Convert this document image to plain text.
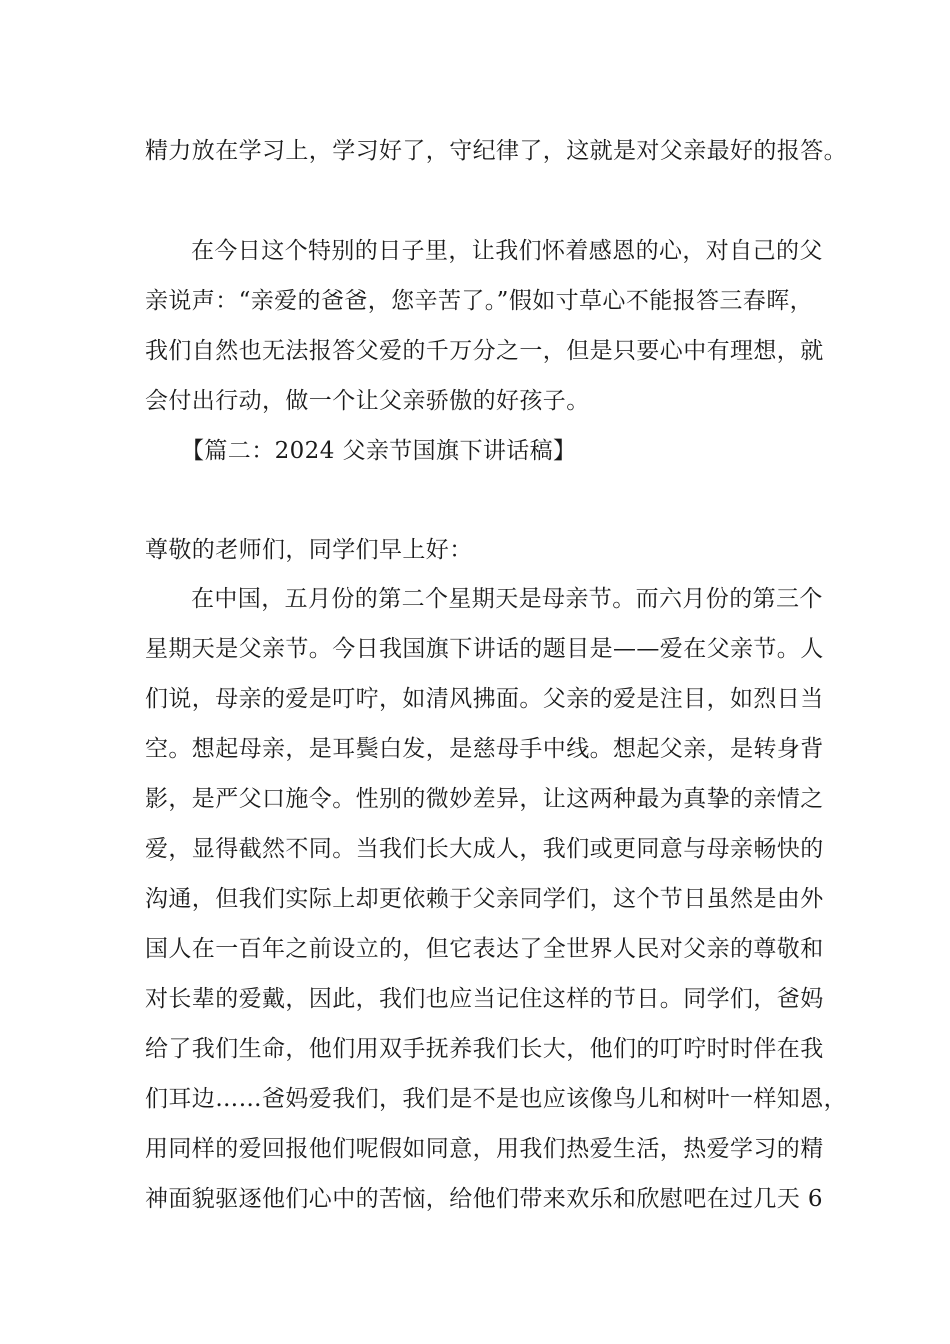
精力放在学习上，学习好了，守纪律了，这就是对父亲最好的报答。
在今日这个特别的日子里，让我们怀着感恩的心，对自己的父
亲说声：“亲爱的爸爸，您辛苦了。”假如寸草心不能报答三春晖，
我们自然也无法报答父爱的千万分之一，但是只要心中有理想，就
会付出行动，做一个让父亲骄傲的好孩子。
【篇二：2024 父亲节国旗下讲话稿】
尊敬的老师们，同学们早上好：
在中国，五月份的第二个星期天是母亲节。而六月份的第三个
星期天是父亲节。今日我国旗下讲话的题目是——爱在父亲节。人
们说，母亲的爱是叮咛，如清风拂面。父亲的爱是注目，如烈日当
空。想起母亲，是耳鬓白发，是慈母手中线。想起父亲，是转身背
影，是严父口施令。性别的微妙差异，让这两种最为真挚的亲情之
爱，显得截然不同。当我们长大成人，我们或更同意与母亲畅快的
沟通，但我们实际上却更依赖于父亲同学们，这个节日虽然是由外
国人在一百年之前设立的，但它表达了全世界人民对父亲的尊敬和
对长辈的爱戴，因此，我们也应当记住这样的节日。同学们，爸妈
给了我们生命，他们用双手抚养我们长大，他们的叮咛时时伴在我
们耳边……爸妈爱我们，我们是不是也应该像鸟儿和树叶一样知恩，
用同样的爱回报他们呢假如同意，用我们热爱生活，热爱学习的精
神面貌驱逐他们心中的苦恼，给他们带来欢乐和欣慰吧在过几天 6
